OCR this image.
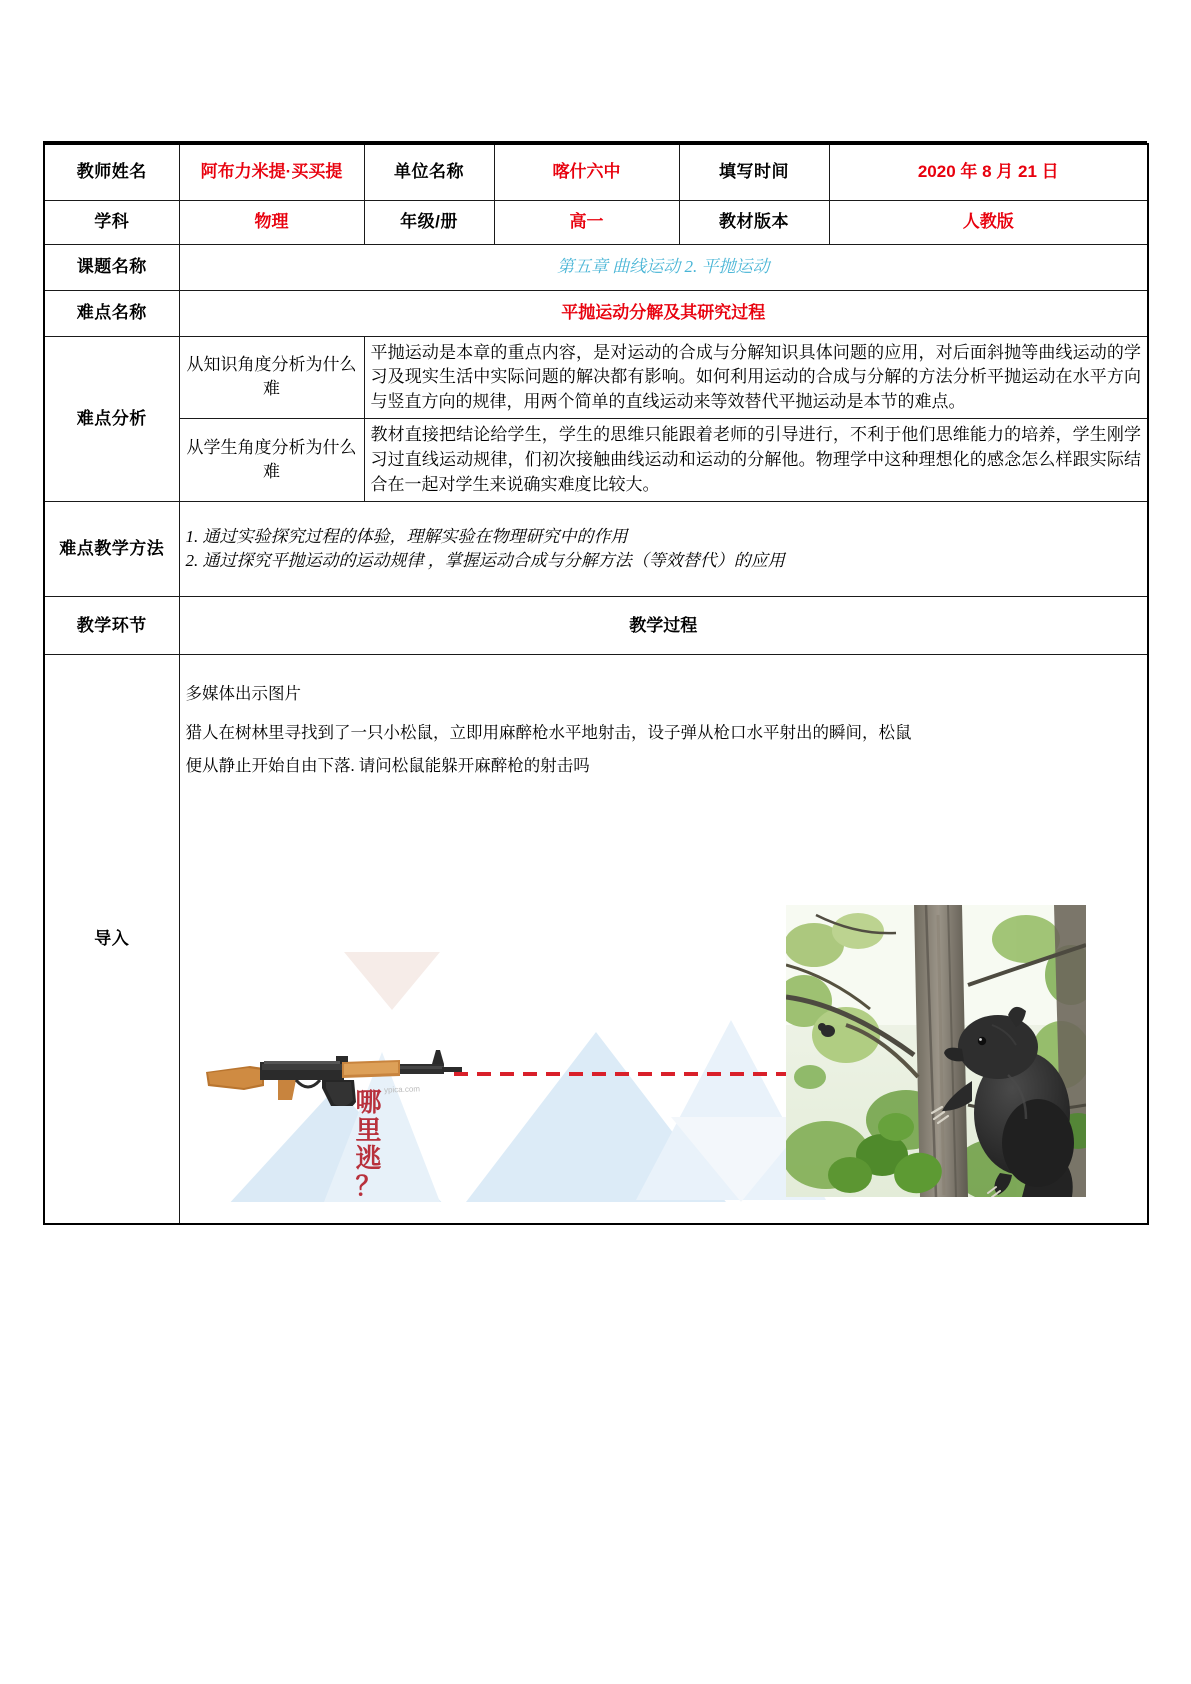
教师姓名	阿布力米提·买买提	单位名称	喀什六中	填写时间	2020 年 8 月 21 日
学科	物理	年级/册	高一	教材版本	人教版
课题名称	第五章 曲线运动 2. 平抛运动				
难点名称	平抛运动分解及其研究过程				
难点分析	从知识角度分析为什么难	平抛运动是本章的重点内容，是对运动的合成与分解知识具体问题的应用，对后面斜抛等曲线运动的学习及现实生活中实际问题的解决都有影响。如何利用运动的合成与分解的方法分析平抛运动在水平方向与竖直方向的规律，用两个简单的直线运动来等效替代平抛运动是本节的难点。			
	从学生角度分析为什么难	教材直接把结论给学生，学生的思维只能跟着老师的引导进行，不利于他们思维能力的培养，学生刚学习过直线运动规律，们初次接触曲线运动和运动的分解他。物理学中这种理想化的感念怎么样跟实际结合在一起对学生来说确实难度比较大。			
难点教学方法	1. 通过实验探究过程的体验，理解实验在物理研究中的作用
2. 通过探究平抛运动的运动规律 ，掌握运动合成与分解方法（等效替代）的应用				

教学环节	教学过程				
导入	
多媒体出示图片
猎人在树林里寻找到了一只小松鼠，立即用麻醉枪水平地射击，设子弹从枪口水平射出的瞬间，松鼠
便从静止开始自由下落. 请问松鼠能躲开麻醉枪的射击吗
ypica.com
哪
里
逃
？
